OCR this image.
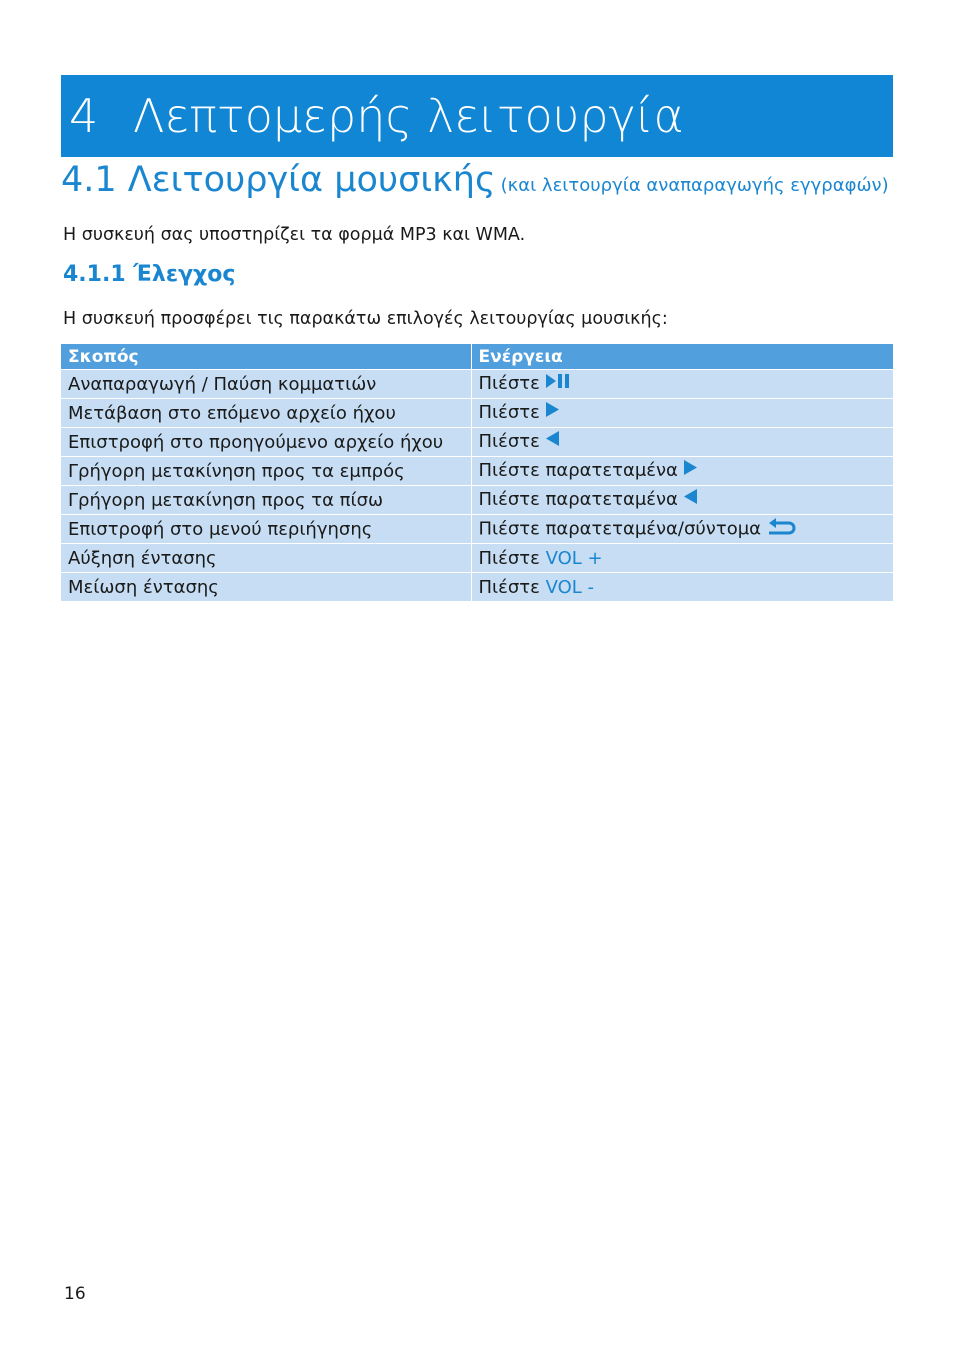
4 Λεπτομερής λειτουργία
4.1 Λειτουργία μουσικής (και λειτουργία αναπαραγωγής εγγραφών)
Η συσκευή σας υποστηρίζει τα φορμά MP3 και WMA.
4.1.1 Έλεγχος
Η συσκευή προσφέρει τις παρακάτω επιλογές λειτουργίας μουσικής:
Σκοπός	Ενέργεια
Αναπαραγωγή / Παύση κομματιών	Πιέστε
Μετάβαση στο επόμενο αρχείο ήχου	Πιέστε
Επιστροφή στο προηγούμενο αρχείο ήχου	Πιέστε
Γρήγορη μετακίνηση προς τα εμπρός	Πιέστε παρατεταμένα
Γρήγορη μετακίνηση προς τα πίσω	Πιέστε παρατεταμένα
Επιστροφή στο μενού περιήγησης	Πιέστε παρατεταμένα/σύντομα
Αύξηση έντασης	Πιέστε VOL +
Μείωση έντασης	Πιέστε VOL -
16
